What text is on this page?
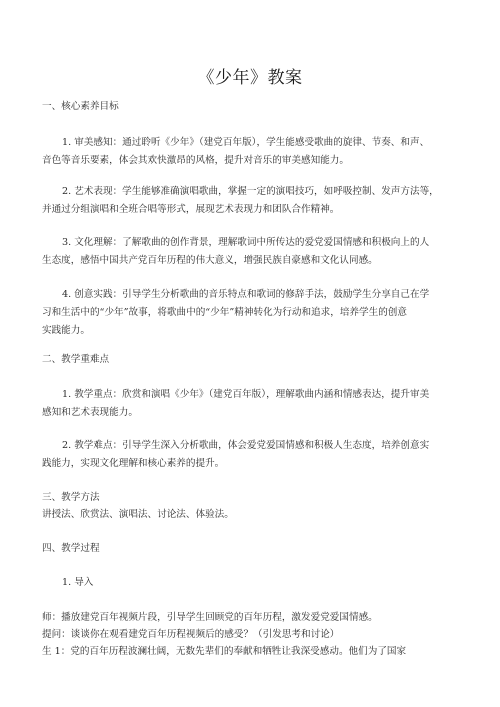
《少年》教案
一、核心素养目标
1. 审美感知：通过聆听《少年》（建党百年版），学生能感受歌曲的旋律、节奏、和声、
音色等音乐要素，体会其欢快激昂的风格，提升对音乐的审美感知能力。
2. 艺术表现：学生能够准确演唱歌曲，掌握一定的演唱技巧，如呼吸控制、发声方法等，
并通过分组演唱和全班合唱等形式，展现艺术表现力和团队合作精神。
3. 文化理解：了解歌曲的创作背景，理解歌词中所传达的爱党爱国情感和积极向上的人
生态度，感悟中国共产党百年历程的伟大意义，增强民族自豪感和文化认同感。
4. 创意实践：引导学生分析歌曲的音乐特点和歌词的修辞手法，鼓励学生分享自己在学
习和生活中的“少年”故事，将歌曲中的“少年”精神转化为行动和追求，培养学生的创意
实践能力。
二、教学重难点
1. 教学重点：欣赏和演唱《少年》（建党百年版），理解歌曲内涵和情感表达，提升审美
感知和艺术表现能力。
2. 教学难点：引导学生深入分析歌曲，体会爱党爱国情感和积极人生态度，培养创意实
践能力，实现文化理解和核心素养的提升。
三、教学方法
讲授法、欣赏法、演唱法、讨论法、体验法。
四、教学过程
1. 导入
师：播放建党百年视频片段，引导学生回顾党的百年历程，激发爱党爱国情感。
提问：谈谈你在观看建党百年历程视频后的感受？（引发思考和讨论）
生 1：党的百年历程波澜壮阔，无数先辈们的奉献和牺牲让我深受感动。他们为了国家
